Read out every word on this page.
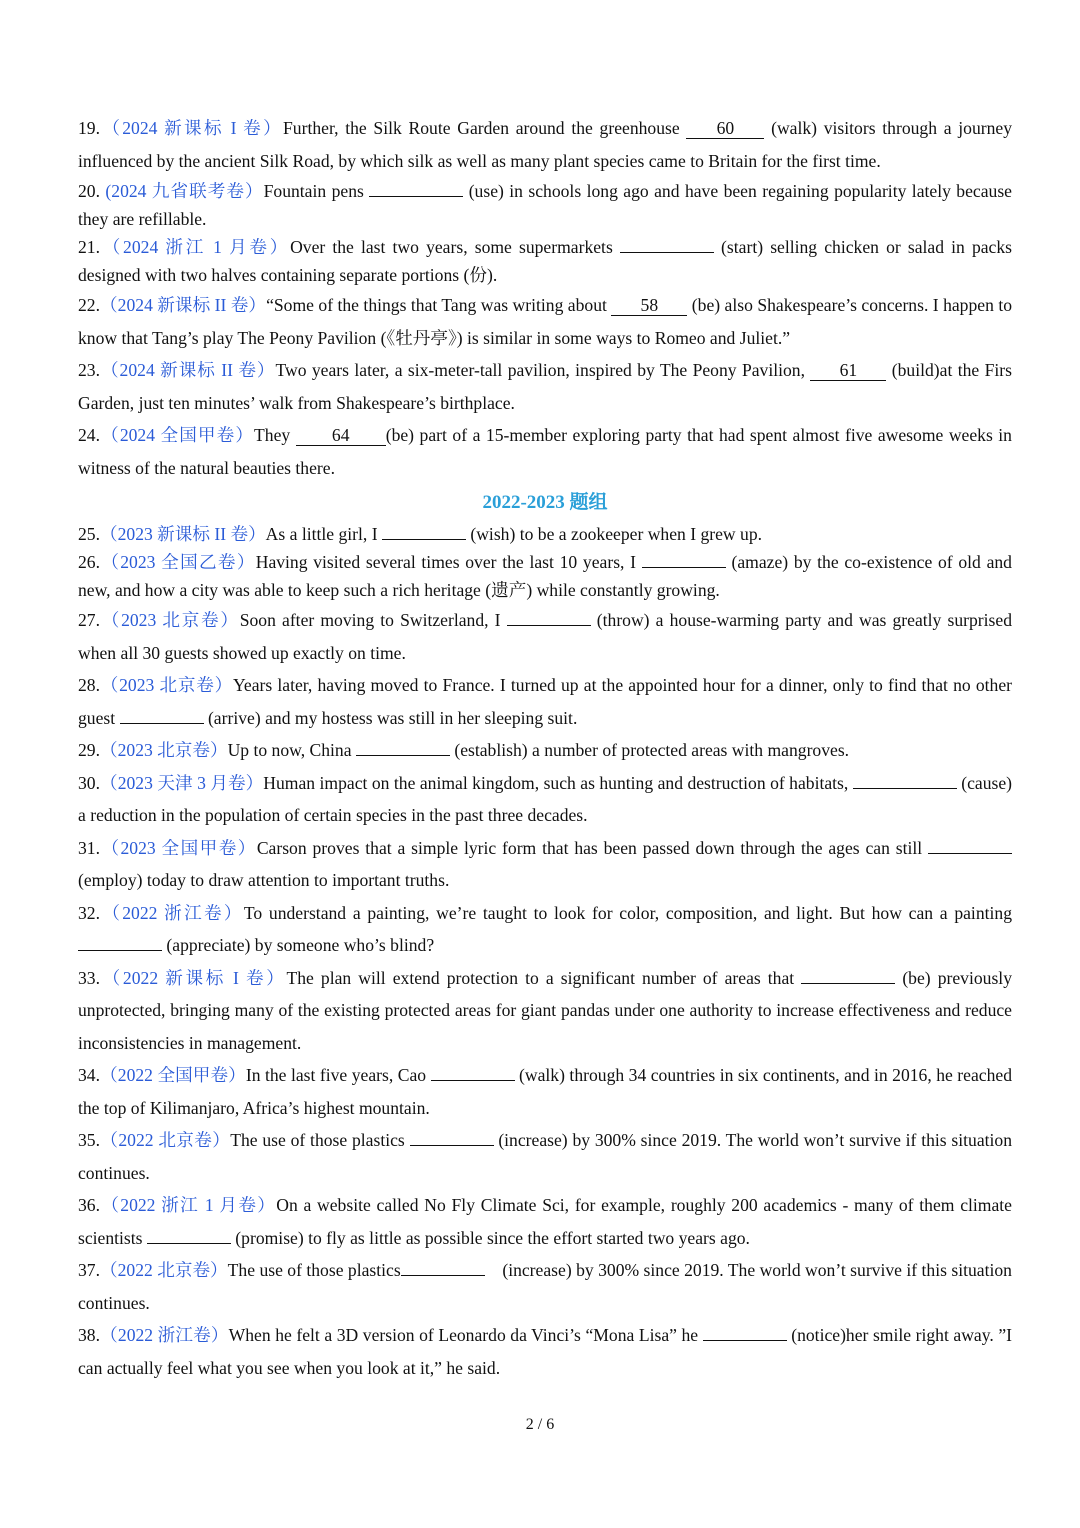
19.（2024 新课标 I 卷）Further, the Silk Route Garden around the greenhouse 60 (walk) visitors through a journey influenced by the ancient Silk Road, by which silk as well as many plant species came to Britain for the first time.

20. (2024 九省联考卷）Fountain pens	(use) in schools long ago and have been regaining popularity lately because they are refillable.

21.（2024 浙江 1 月卷）Over the last two years, some supermarkets	(start) selling chicken or salad in packs designed with two halves containing separate portions (份).

22.（2024 新课标 II 卷）“Some of the things that Tang was writing about 58 (be) also Shakespeare’s concerns. I happen to know that Tang’s play The Peony Pavilion (《牡丹亭》) is similar in some ways to Romeo and Juliet.”

23.（2024 新课标 II 卷）Two years later, a six-meter-tall pavilion, inspired by The Peony Pavilion, 61 (build)at the Firs Garden, just ten minutes’ walk from Shakespeare’s birthplace.

24.（2024 全国甲卷）They 64 (be) part of a 15-member exploring party that had spent almost five awesome weeks in witness of the natural beauties there.

2022-2023 题组

25.（2023 新课标 II 卷）As a little girl, I	(wish) to be a zookeeper when I grew up.

26.（2023 全国乙卷）Having visited several times over the last 10 years, I	(amaze) by the co-existence of old and new, and how a city was able to keep such a rich heritage (遗产) while constantly growing.

27.（2023 北京卷）Soon after moving to Switzerland, I	(throw) a house-warming party and was greatly surprised when all 30 guests showed up exactly on time.

28.（2023 北京卷）Years later, having moved to France. I turned up at the appointed hour for a dinner, only to find that no other guest	(arrive) and my hostess was still in her sleeping suit.

29.（2023 北京卷）Up to now, China	(establish) a number of protected areas with mangroves.

30.（2023 天津 3 月卷）Human impact on the animal kingdom, such as hunting and destruction of habitats,	(cause) a reduction in the population of certain species in the past three decades.

31.（2023 全国甲卷）Carson proves that a simple lyric form that has been passed down through the ages can still  (employ) today to draw attention to important truths.

32.（2022 浙江卷）To understand a painting, we’re taught to look for color, composition, and light. But how can a painting  (appreciate) by someone who’s blind?

33.（2022 新课标 I 卷）The plan will extend protection to a significant number of areas that	(be) previously unprotected, bringing many of the existing protected areas for giant pandas under one authority to increase effectiveness and reduce inconsistencies in management.

34.（2022 全国甲卷）In the last five years, Cao	(walk) through 34 countries in six continents, and in 2016, he reached the top of Kilimanjaro, Africa’s highest mountain.

35.（2022 北京卷）The use of those plastics	(increase) by 300% since 2019. The world won’t survive if this situation continues.

36.（2022 浙江 1 月卷）On a website called No Fly Climate Sci, for example, roughly 200 academics - many of them climate scientists	(promise) to fly as little as possible since the effort started two years ago.

37.（2022 北京卷）The use of those plastics	　(increase) by 300% since 2019. The world won’t survive if this situation continues.

38.（2022 浙江卷）When he felt a 3D version of Leonardo da Vinci’s “Mona Lisa” he	(notice)her smile right away. ”I can actually feel what you see when you look at it,” he said.

2 / 6
